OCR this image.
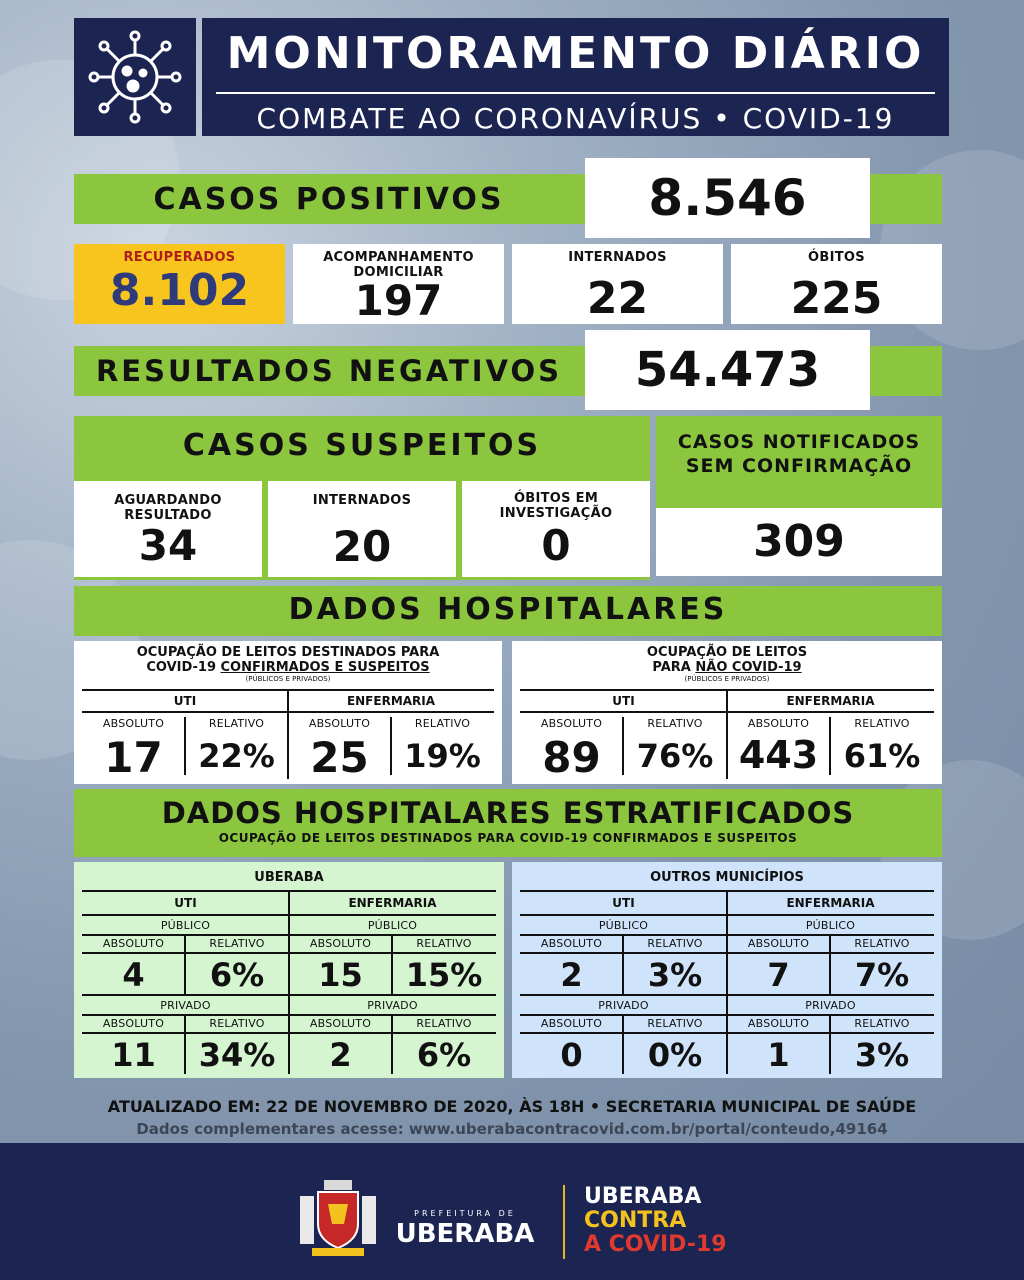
MONITORAMENTO DIÁRIO
COMBATE AO CORONAVÍRUS • COVID-19
CASOS POSITIVOS	8.546
RECUPERADOS
8.102
ACOMPANHAMENTO DOMICILIAR
197
INTERNADOS
22
ÓBITOS
225
RESULTADOS NEGATIVOS	54.473
CASOS SUSPEITOS
AGUARDANDO RESULTADO
34
INTERNADOS
20
ÓBITOS EM INVESTIGAÇÃO
0
CASOS NOTIFICADOS SEM CONFIRMAÇÃO
309
DADOS HOSPITALARES
OCUPAÇÃO DE LEITOS DESTINADOS PARA
COVID-19 CONFIRMADOS E SUSPEITOS
(PÚBLICOS E PRIVADOS)
UTI	ENFERMARIA
ABSOLUTO	RELATIVO	ABSOLUTO	RELATIVO
17	22% 25	19%
OCUPAÇÃO DE LEITOS
PARA NÃO COVID-19
(PÚBLICOS E PRIVADOS)
UTI	ENFERMARIA
ABSOLUTO	RELATIVO	ABSOLUTO	RELATIVO
89	76% 443 61%
DADOS HOSPITALARES ESTRATIFICADOS
OCUPAÇÃO DE LEITOS DESTINADOS PARA COVID-19 CONFIRMADOS E SUSPEITOS
UBERABA
UTI	ENFERMARIA
PÚBLICO	PÚBLICO
ABSOLUTO	RELATIVO	ABSOLUTO	RELATIVO
4	6%	15	15%
PRIVADO	PRIVADO
ABSOLUTO	RELATIVO	ABSOLUTO	RELATIVO
11	34%	2	6%
OUTROS MUNICÍPIOS
UTI	ENFERMARIA
PÚBLICO	PÚBLICO
ABSOLUTO	RELATIVO	ABSOLUTO	RELATIVO
2	3%	7	7%
PRIVADO	PRIVADO
ABSOLUTO	RELATIVO	ABSOLUTO	RELATIVO
0	0%	1	3%
ATUALIZADO EM: 22 DE NOVEMBRO DE 2020, ÀS 18H • SECRETARIA MUNICIPAL DE SAÚDE
Dados complementares acesse: www.uberabacontracovid.com.br/portal/conteudo,49164
PREFEITURA DE
UBERABA
UBERABA
CONTRA
A COVID-19
